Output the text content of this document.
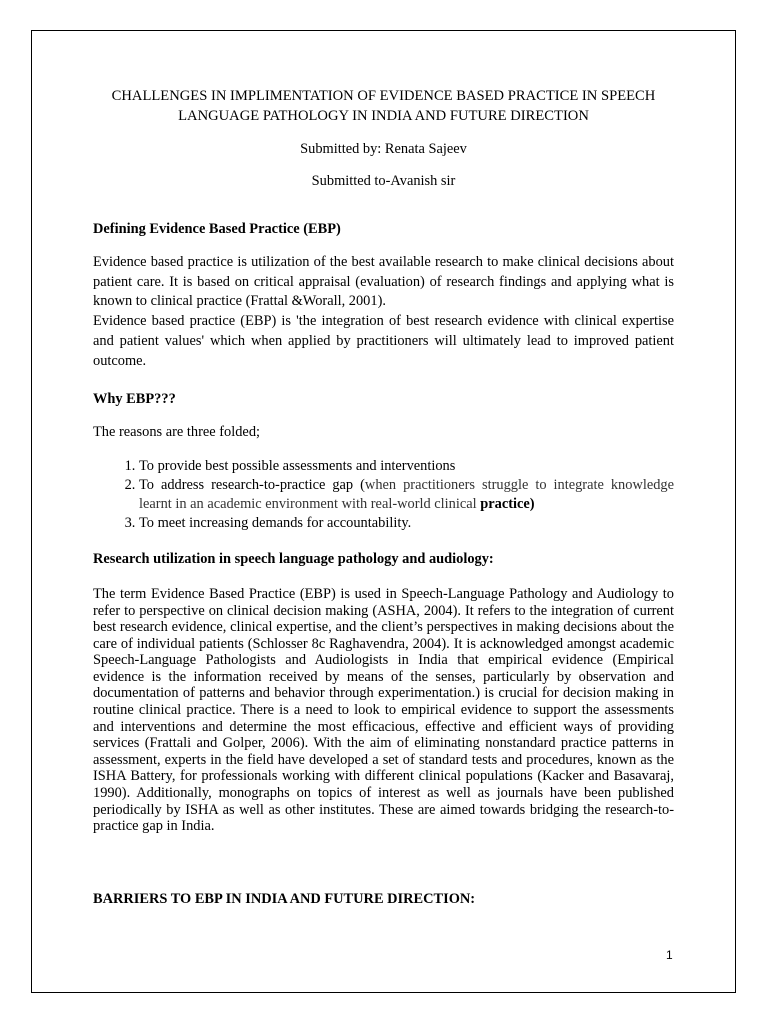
CHALLENGES IN IMPLIMENTATION OF EVIDENCE BASED PRACTICE IN SPEECH LANGUAGE PATHOLOGY IN INDIA AND FUTURE DIRECTION

Submitted by: Renata Sajeev

Submitted to-Avanish sir

Defining Evidence Based Practice (EBP)

Evidence based practice is utilization of the best available research to make clinical decisions about patient care. It is based on critical appraisal (evaluation) of research findings and applying what is known to clinical practice (Frattal &Worall, 2001).

Evidence based practice (EBP) is 'the integration of best research evidence with clinical expertise and patient values' which when applied by practitioners will ultimately lead to improved patient outcome.

Why EBP???

The reasons are three folded;

1. To provide best possible assessments and interventions
2. To address research-to-practice gap (when practitioners struggle to integrate knowledge learnt in an academic environment with real-world clinical practice)
3. To meet increasing demands for accountability.

Research utilization in speech language pathology and audiology:

The term Evidence Based Practice (EBP) is used in Speech-Language Pathology and Audiology to refer to perspective on clinical decision making (ASHA, 2004). It refers to the integration of current best research evidence, clinical expertise, and the client’s perspectives in making decisions about the care of individual patients (Schlosser 8c Raghavendra, 2004). It is acknowledged amongst academic Speech-Language Pathologists and Audiologists in India that empirical evidence (Empirical evidence is the information received by means of the senses, particularly by observation and documentation of patterns and behavior through experimentation.) is crucial for decision making in routine clinical practice. There is a need to look to empirical evidence to support the assessments and interventions and determine the most efficacious, effective and efficient ways of providing services (Frattali and Golper, 2006). With the aim of eliminating nonstandard practice patterns in assessment, experts in the field have developed a set of standard tests and procedures, known as the ISHA Battery, for professionals working with different clinical populations (Kacker and Basavaraj, 1990). Additionally, monographs on topics of interest as well as journals have been published periodically by ISHA as well as other institutes. These are aimed towards bridging the research-to-practice gap in India.

BARRIERS TO EBP IN INDIA AND FUTURE DIRECTION:

1
